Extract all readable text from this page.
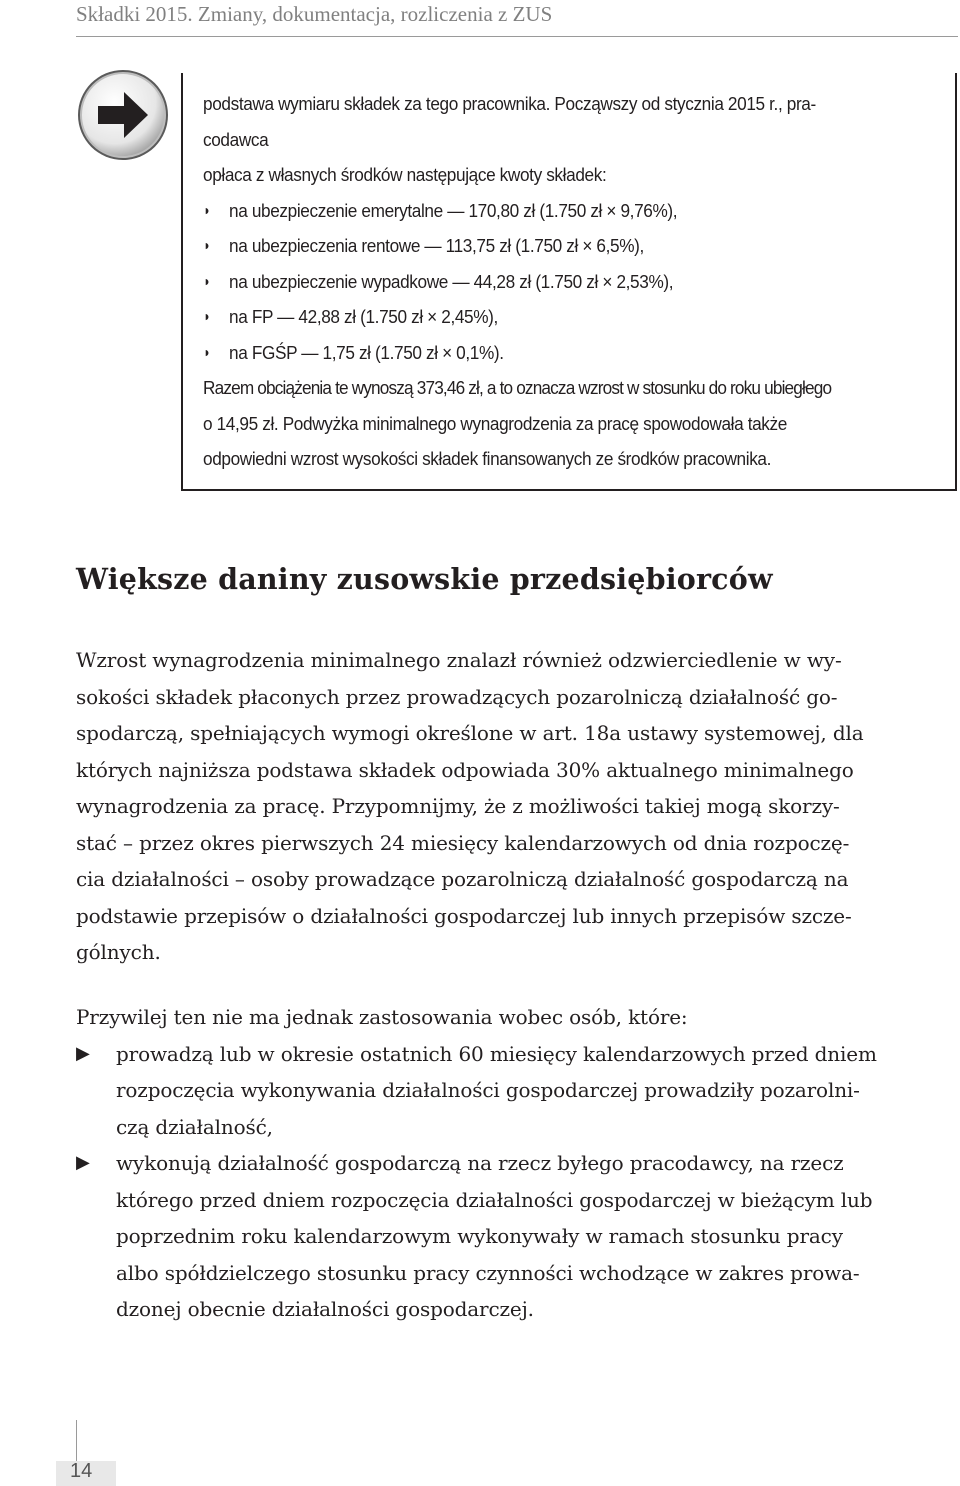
Składki 2015. Zmiany, dokumentacja, rozliczenia z ZUS

podstawa wymiaru składek za tego pracownika. Począwszy od stycznia 2015 r., pra-

codawca

opłaca z własnych środków następujące kwoty składek:

◗ na ubezpieczenie emerytalne — 170,80 zł (1.750 zł × 9,76%),
◗ na ubezpieczenia rentowe — 113,75 zł (1.750 zł × 6,5%),
◗ na ubezpieczenie wypadkowe — 44,28 zł (1.750 zł × 2,53%),
◗ na FP — 42,88 zł (1.750 zł × 2,45%),
◗ na FGŚP — 1,75 zł (1.750 zł × 0,1%).

Razem obciążenia te wynoszą 373,46 zł, a to oznacza wzrost w stosunku do roku ubiegłego

o 14,95 zł. Podwyżka minimalnego wynagrodzenia za pracę spowodowała także

odpowiedni wzrost wysokości składek finansowanych ze środków pracownika.

Większe daniny zusowskie przedsiębiorców

Wzrost wynagrodzenia minimalnego znalazł również odzwierciedlenie w wy-

sokości składek płaconych przez prowadzących pozarolniczą działalność go-

spodarczą, spełniających wymogi określone w art. 18a ustawy systemowej, dla

których najniższa podstawa składek odpowiada 30% aktualnego minimalnego

wynagrodzenia za pracę. Przypomnijmy, że z możliwości takiej mogą skorzy-

stać – przez okres pierwszych 24 miesięcy kalendarzowych od dnia rozpoczę-

cia działalności – osoby prowadzące pozarolniczą działalność gospodarczą na

podstawie przepisów o działalności gospodarczej lub innych przepisów szcze-

gólnych.

Przywilej ten nie ma jednak zastosowania wobec osób, które:

▶ prowadzą lub w okresie ostatnich 60 miesięcy kalendarzowych przed dniem
rozpoczęcia wykonywania działalności gospodarczej prowadziły pozarolni-
czą działalność,
▶ wykonują działalność gospodarczą na rzecz byłego pracodawcy, na rzecz
którego przed dniem rozpoczęcia działalności gospodarczej w bieżącym lub
poprzednim roku kalendarzowym wykonywały w ramach stosunku pracy
albo spółdzielczego stosunku pracy czynności wchodzące w zakres prowa-
dzonej obecnie działalności gospodarczej.
14
